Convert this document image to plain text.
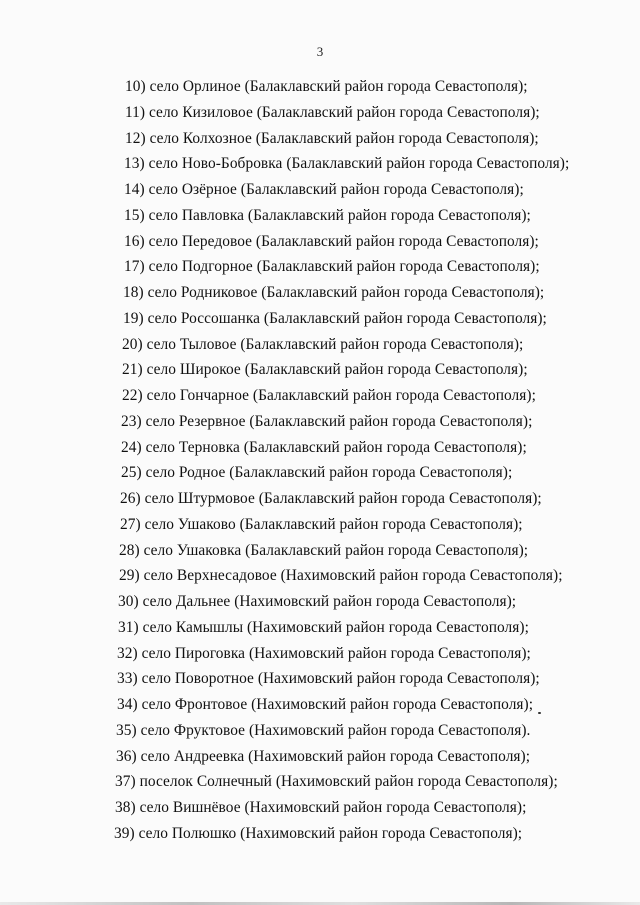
3
10) село Орлиное (Балаклавский район города Севастополя);
11) село Кизиловое (Балаклавский район города Севастополя);
12) село Колхозное (Балаклавский район города Севастополя);
13) село Ново-Бобровка (Балаклавский район города Севастополя);
14) село Озёрное (Балаклавский район города Севастополя);
15) село Павловка (Балаклавский район города Севастополя);
16) село Передовое (Балаклавский район города Севастополя);
17) село Подгорное (Балаклавский район города Севастополя);
18) село Родниковое (Балаклавский район города Севастополя);
19) село Россошанка (Балаклавский район города Севастополя);
20) село Тыловое (Балаклавский район города Севастополя);
21) село Широкое (Балаклавский район города Севастополя);
22) село Гончарное (Балаклавский район города Севастополя);
23) село Резервное (Балаклавский район города Севастополя);
24) село Терновка (Балаклавский район города Севастополя);
25) село Родное (Балаклавский район города Севастополя);
26) село Штурмовое (Балаклавский район города Севастополя);
27) село Ушаково (Балаклавский район города Севастополя);
28) село Ушаковка (Балаклавский район города Севастополя);
29) село Верхнесадовое (Нахимовский район города Севастополя);
30) село Дальнее (Нахимовский район города Севастополя);
31) село Камышлы (Нахимовский район города Севастополя);
32) село Пироговка (Нахимовский район города Севастополя);
33) село Поворотное (Нахимовский район города Севастополя);
34) село Фронтовое (Нахимовский район города Севастополя);
35) село Фруктовое (Нахимовский район города Севастополя).
36) село Андреевка (Нахимовский район города Севастополя);
37) поселок Солнечный (Нахимовский район города Севастополя);
38) село Вишнёвое (Нахимовский район города Севастополя);
39) село Полюшко (Нахимовский район города Севастополя);
